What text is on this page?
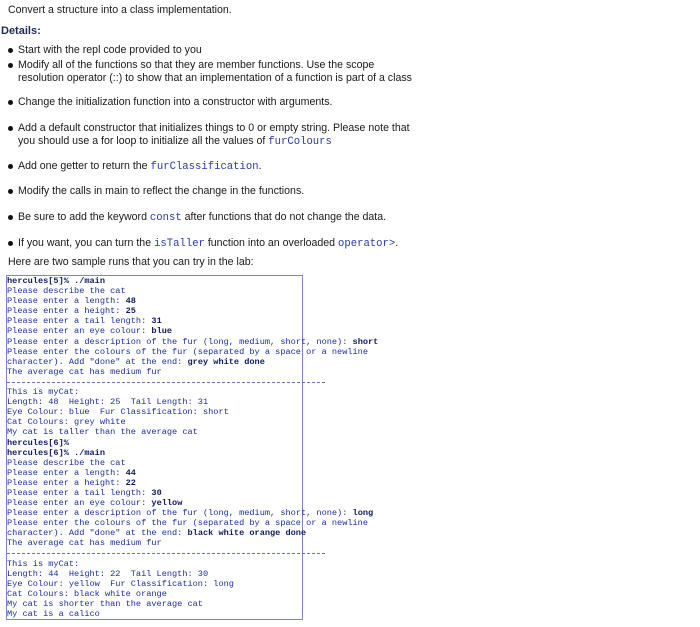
Convert a structure into a class implementation.
Details:
Start with the repl code provided to you
Modify all of the functions so that they are member functions. Use the scope
resolution operator (::) to show that an implementation of a function is part of a class
Change the initialization function into a constructor with arguments.
Add a default constructor that initializes things to 0 or empty string. Please note that
you should use a for loop to initialize all the values of furColours
Add one getter to return the furClassification.
Modify the calls in main to reflect the change in the functions.
Be sure to add the keyword const after functions that do not change the data.
If you want, you can turn the isTaller function into an overloaded operator>.
Here are two sample runs that you can try in the lab:
hercules[5]% ./main
Please describe the cat
Please enter a length: 48
Please enter a height: 25
Please enter a tail length: 31
Please enter an eye colour: blue
Please enter a description of the fur (long, medium, short, none): short
Please enter the colours of the fur (separated by a space or a newline
character). Add "done" at the end: grey white done
The average cat has medium fur
This is myCat:
Length: 48  Height: 25  Tail Length: 31
Eye Colour: blue  Fur Classification: short
Cat Colours: grey white
My cat is taller than the average cat
hercules[6]%
hercules[6]% ./main
Please describe the cat
Please enter a length: 44
Please enter a height: 22
Please enter a tail length: 30
Please enter an eye colour: yellow
Please enter a description of the fur (long, medium, short, none): long
Please enter the colours of the fur (separated by a space or a newline
character). Add "done" at the end: black white orange done
The average cat has medium fur
This is myCat:
Length: 44  Height: 22  Tail Length: 30
Eye Colour: yellow  Fur Classification: long
Cat Colours: black white orange
My cat is shorter than the average cat
My cat is a calico
